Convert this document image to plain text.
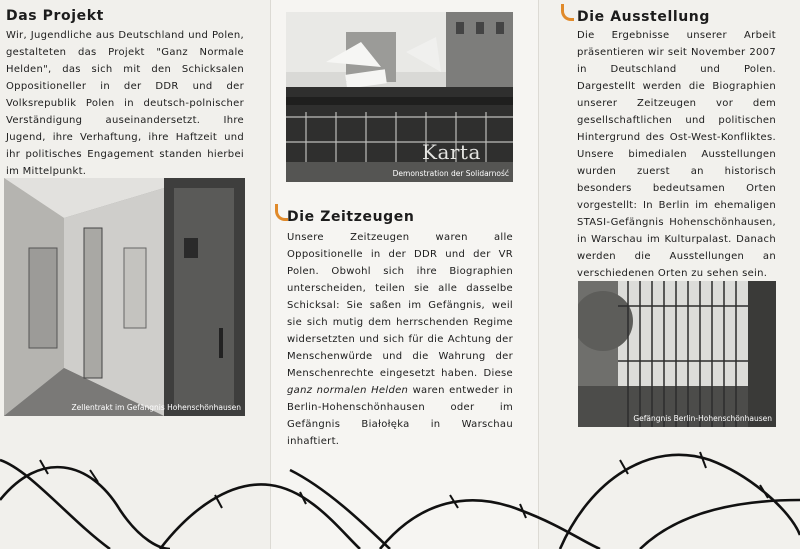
Das Projekt

Wir, Jugendliche aus Deutschland und Polen, gestalteten das Projekt "Ganz Normale Helden", das sich mit den Schicksalen Oppositioneller in der DDR und der Volksrepublik Polen in deutsch-polnischer Verständigung auseinandersetzt. Ihre Jugend, ihre Verhaftung, ihre Haftzeit und ihr politisches Engagement standen hierbei im Mittelpunkt.

Zellentrakt im Gefängnis Hohenschönhausen
Karta
Demonstration der Solidarność
Die Zeitzeugen

Unsere Zeitzeugen waren alle Oppositionelle in der DDR und der VR Polen. Obwohl sich ihre Biographien unterscheiden, teilen sie alle dasselbe Schicksal: Sie saßen im Gefängnis, weil sie sich mutig dem herrschenden Regime widersetzten und sich für die Achtung der Menschenwürde und die Wahrung der Menschenrechte eingesetzt haben. Diese ganz normalen Helden waren entweder in Berlin-Hohenschönhausen oder im Gefängnis Białołęka in Warschau inhaftiert.

Die Ausstellung

Die Ergebnisse unserer Arbeit präsentieren wir seit November 2007 in Deutschland und Polen. Dargestellt werden die Biographien unserer Zeitzeugen vor dem gesellschaftlichen und politischen Hintergrund des Ost-West-Konfliktes. Unsere bimedialen Ausstellungen wurden zuerst an historisch besonders bedeutsamen Orten vorgestellt: In Berlin im ehemaligen STASI-Gefängnis Hohenschönhausen, in Warschau im Kulturpalast. Danach werden die Ausstellungen an verschiedenen Orten zu sehen sein.

Gefängnis Berlin-Hohenschönhausen
